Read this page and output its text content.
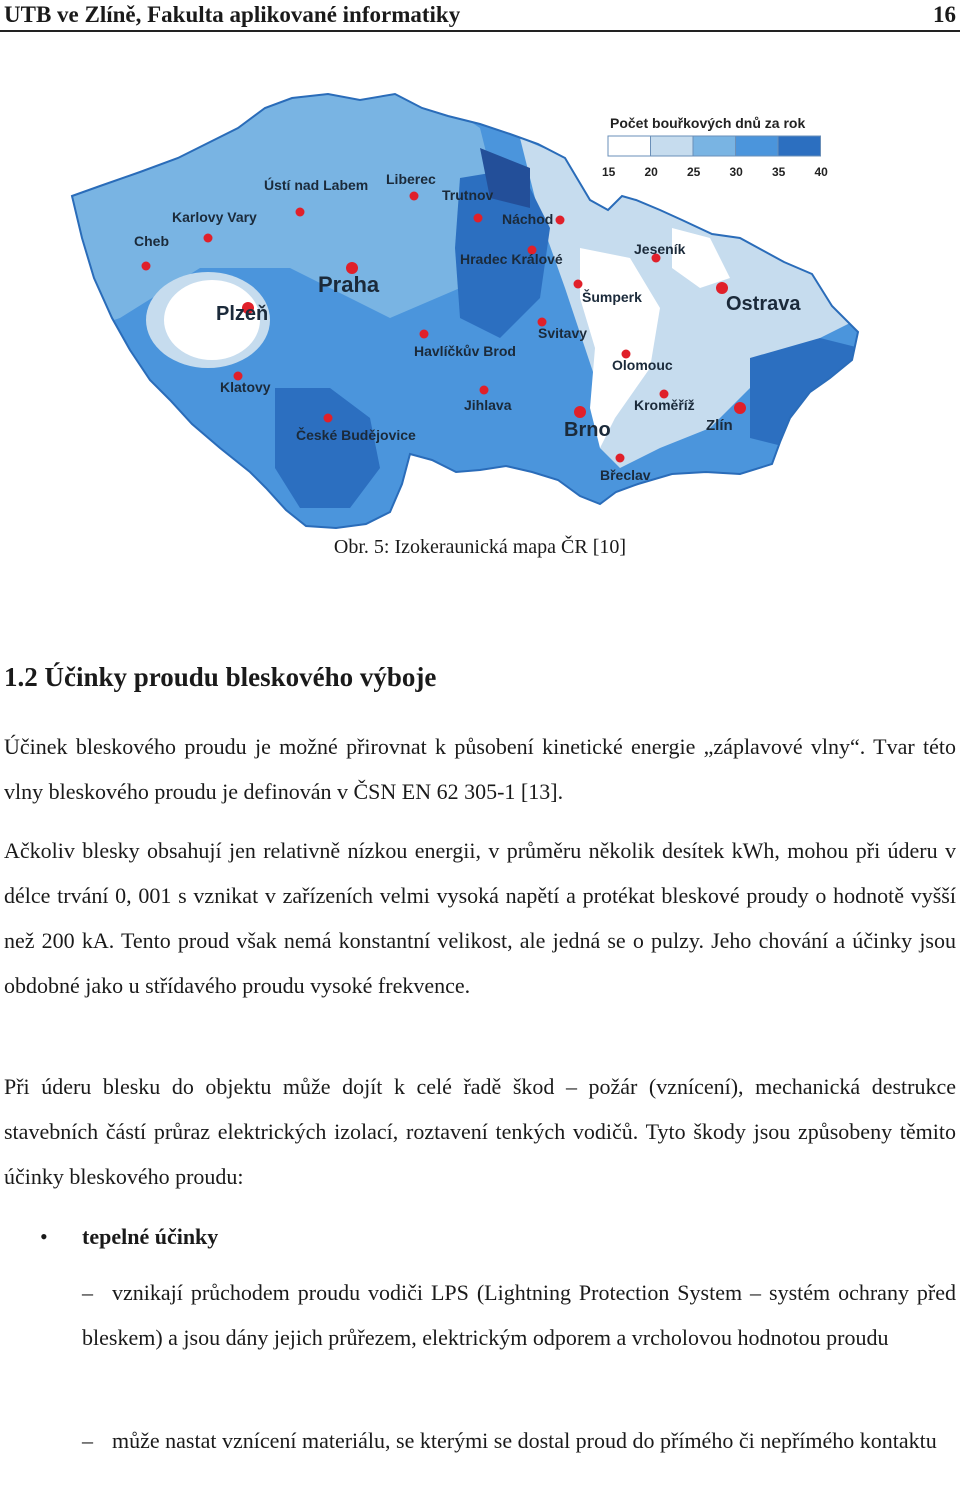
UTB ve Zlíně, Fakulta aplikované informatiky	16
Počet bouřkových dnů za rok
15 20 25 30 35 40
Cheb
Karlovy Vary
Ústí nad Labem Liberec
Trutnov
Náchod
Hradec Králové
Praha
Plzeň
Jeseník
Šumperk	Ostrava
Svitavy
Havlíčkův Brod
Olomouc
Klatovy
Jihlava	Kroměříž
České Budějovice	Brno	Zlín
Břeclav
Obr. 5: Izokeraunická mapa ČR [10]
1.2 Účinky proudu bleskového výboje

Účinek bleskového proudu je možné přirovnat k působení kinetické energie „záplavové vlny“. Tvar této vlny bleskového proudu je definován v ČSN EN 62 305-1 [13].

Ačkoliv blesky obsahují jen relativně nízkou energii, v průměru několik desítek kWh, mohou při úderu v délce trvání 0, 001 s vznikat v zařízeních velmi vysoká napětí a protékat bleskové proudy o hodnotě vyšší než 200 kA. Tento proud však nemá konstantní velikost, ale jedná se o pulzy. Jeho chování a účinky jsou obdobné jako u střídavého proudu vysoké frekvence.

Při úderu blesku do objektu může dojít k celé řadě škod – požár (vznícení), mechanická destrukce stavebních částí průraz elektrických izolací, roztavení tenkých vodičů. Tyto škody jsou způsobeny těmito účinky bleskového proudu:

• tepelné účinky

– vznikají průchodem proudu vodiči LPS (Lightning Protection System – systém ochrany před bleskem) a jsou dány jejich průřezem, elektrickým odporem a vrcholovou hodnotou proudu

– může nastat vznícení materiálu, se kterými se dostal proud do přímého či nepřímého kontaktu
